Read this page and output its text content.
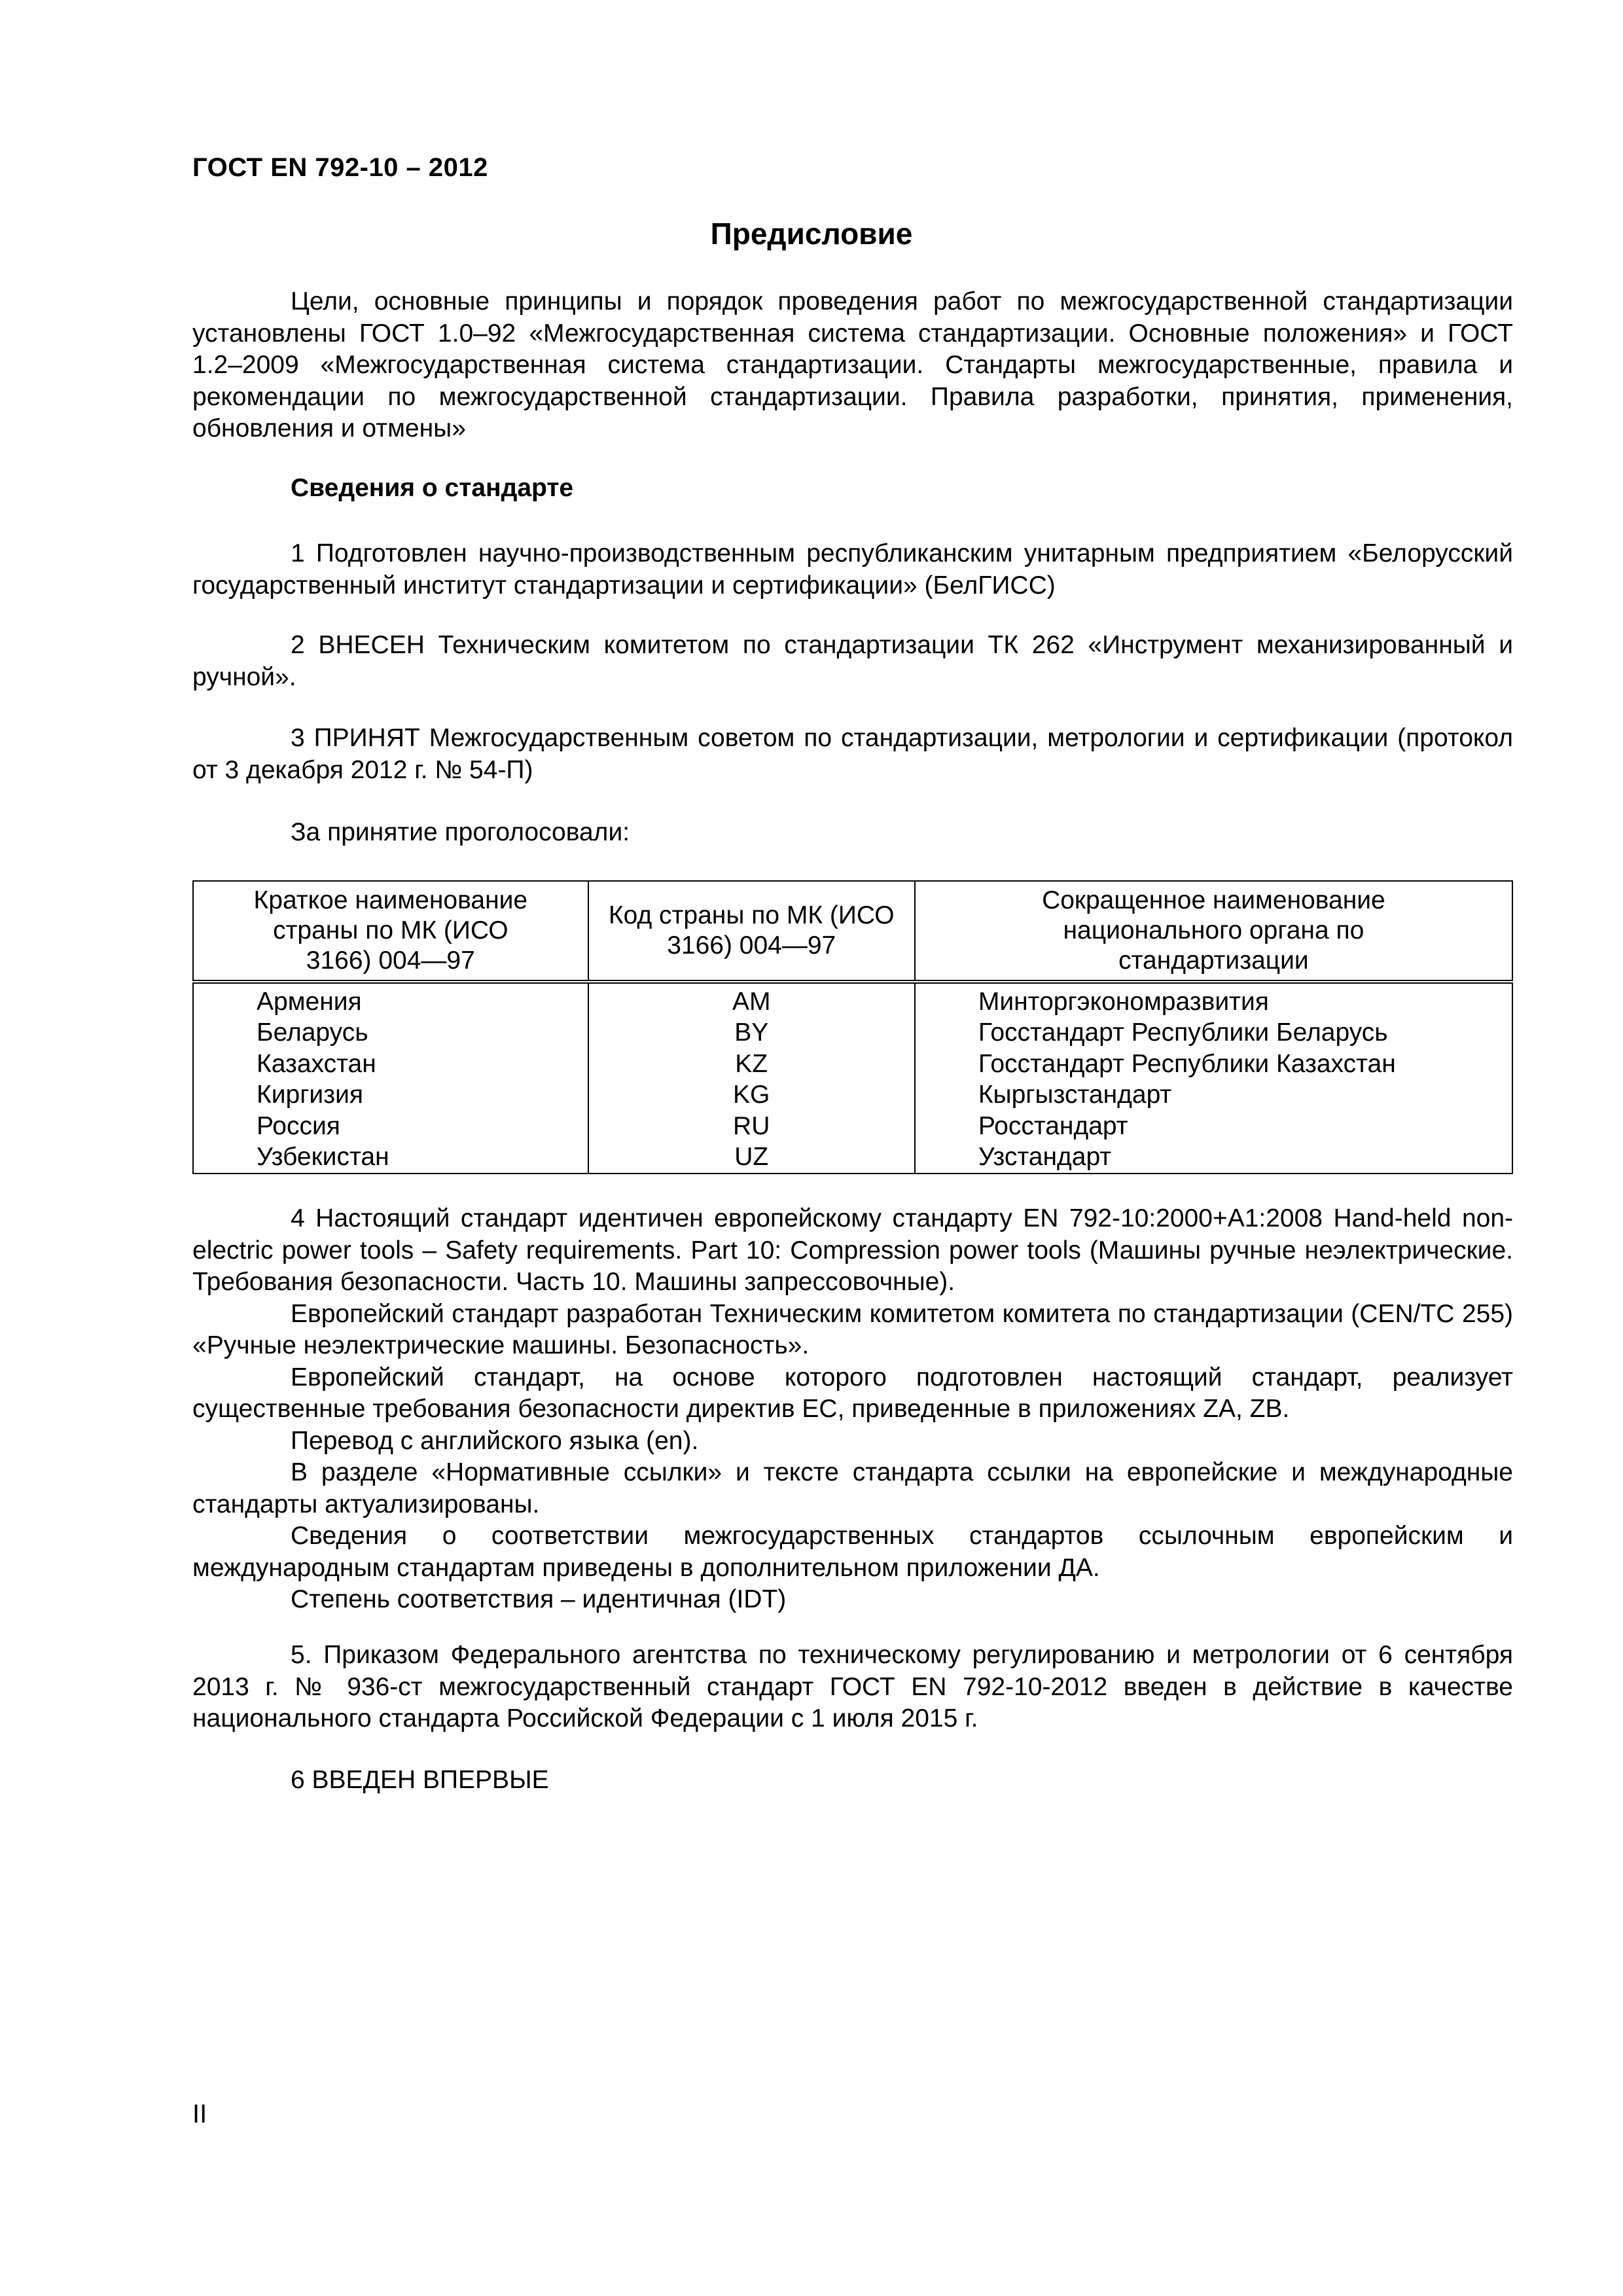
ГОСТ EN 792-10 – 2012
Предисловие

Цели, основные принципы и порядок проведения работ по межгосударственной стандартизации установлены ГОСТ 1.0–92 «Межгосударственная система стандартизации. Основные положения» и ГОСТ 1.2–2009 «Межгосударственная система стандартизации. Стандарты межгосударственные, правила и рекомендации по межгосударственной стандартизации. Правила разработки, принятия, применения, обновления и отмены»

Сведения о стандарте

1 Подготовлен научно-производственным республиканским унитарным предприятием «Белорусский государственный институт стандартизации и сертификации» (БелГИСС)

2 ВНЕСЕН Техническим комитетом по стандартизации ТК 262 «Инструмент механизированный и ручной».

3 ПРИНЯТ Межгосударственным советом по стандартизации, метрологии и сертификации (протокол от 3 декабря 2012 г. № 54-П)

За принятие проголосовали:
Краткое наименование страны по МК (ИСО 3166) 004—97	Код страны по МК (ИСО 3166) 004—97	Сокращенное наименование национального органа по стандартизации
Армения	AM	Минторгэкономразвития
Беларусь	BY	Госстандарт Республики Беларусь
Казахстан	KZ	Госстандарт Республики Казахстан
Киргизия	KG	Кыргызстандарт
Россия	RU	Росстандарт
Узбекистан	UZ	Узстандарт

4 Настоящий стандарт идентичен европейскому стандарту EN 792-10:2000+A1:2008 Hand-held non-electric power tools – Safety requirements. Part 10: Compression power tools (Машины ручные неэлектрические. Требования безопасности. Часть 10. Машины запрессовочные).

Европейский стандарт разработан Техническим комитетом комитета по стандартизации (CEN/TC 255) «Ручные неэлектрические машины. Безопасность».

Европейский стандарт, на основе которого подготовлен настоящий стандарт, реализует существенные требования безопасности директив ЕС, приведенные в приложениях ZA, ZB.

Перевод с английского языка (en).

В разделе «Нормативные ссылки» и тексте стандарта ссылки на европейские и международные стандарты актуализированы.

Сведения о соответствии межгосударственных стандартов ссылочным европейским и международным стандартам приведены в дополнительном приложении ДА.

Степень соответствия – идентичная (IDT)

5. Приказом Федерального агентства по техническому регулированию и метрологии от 6 сентября 2013 г. № 936-ст межгосударственный стандарт ГОСТ EN 792-10-2012 введен в действие в качестве национального стандарта Российской Федерации с 1 июля 2015 г.

6 ВВЕДЕН ВПЕРВЫЕ
II
